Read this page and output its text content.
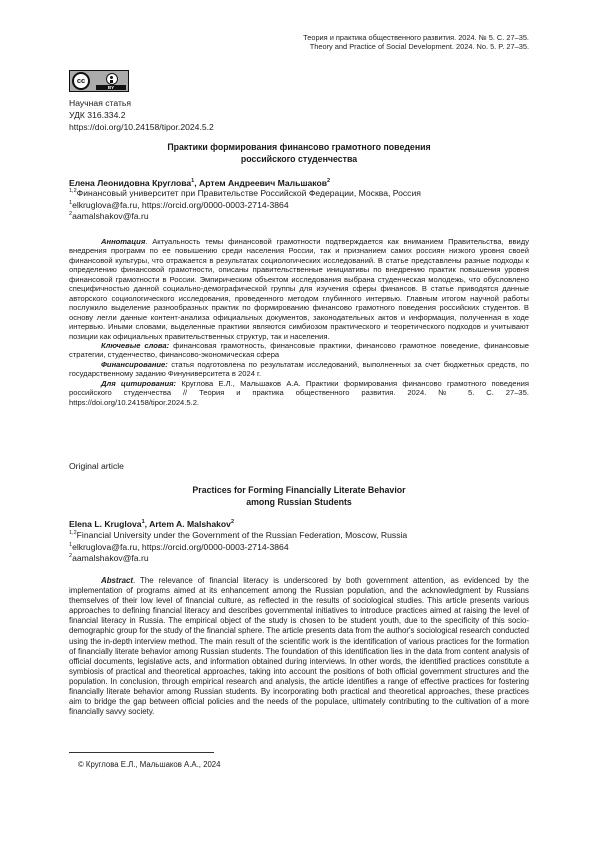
Теория и практика общественного развития. 2024. № 5. С. 27–35.
Theory and Practice of Social Development. 2024. No. 5. P. 27–35.
cc
BY
Научная статья
УДК 316.334.2
https://doi.org/10.24158/tipor.2024.5.2
Практики формирования финансово грамотного поведения
российского студенчества
Елена Леонидовна Круглова$^1$, Артем Андреевич Мальшаков$^2$
$^{1,2}$Финансовый университет при Правительстве Российской Федерации, Москва, Россия
$^1$elkruglova@fa.ru, https://orcid.org/0000-0003-2714-3864
$^2$aamalshakov@fa.ru

Аннотация. Актуальность темы финансовой грамотности подтверждается как вниманием Правительства, ввиду внедрения программ по ее повышению среди населения России, так и признанием самих россиян низкого уровня своей финансовой культуры, что отражается в результатах социологических исследований. В статье представлены разные подходы к определению финансовой грамотности, описаны правительственные инициативы по внедрению практик повышения уровня финансовой грамотности в России. Эмпирическим объектом исследования выбрана студенческая молодежь, что обусловлено специфичностью данной социально-демографической группы для изучения сферы финансов. В статье приводятся данные авторского социологического исследования, проведенного методом глубинного интервью. Главным итогом научной работы послужило выделение разнообразных практик по формированию финансово грамотного поведения российских студентов. В основу легли данные контент-анализа официальных документов, законодательных актов и информация, полученная в ходе интервью. Иными словами, выделенные практики являются симбиозом практического и теоретического подходов и учитывают позиции как официальных правительственных структур, так и населения.

Ключевые слова: финансовая грамотность, финансовые практики, финансово грамотное поведение, финансовые стратегии, студенчество, финансово-экономическая сфера

Финансирование: статья подготовлена по результатам исследований, выполненных за счет бюджетных средств, по государственному заданию Финуниверситета в 2024 г.

Для цитирования: Круглова Е.Л., Мальшаков А.А. Практики формирования финансово грамотного поведения российского студенчества // Теория и практика общественного развития. 2024. № 5. С. 27–35. https://doi.org/10.24158/tipor.2024.5.2.

Original article
Practices for Forming Financially Literate Behavior
among Russian Students
Elena L. Kruglova$^1$, Artem A. Malshakov$^2$
$^{1,2}$Financial University under the Government of the Russian Federation, Moscow, Russia
$^1$elkruglova@fa.ru, https://orcid.org/0000-0003-2714-3864
$^2$aamalshakov@fa.ru

Abstract. The relevance of financial literacy is underscored by both government attention, as evidenced by the implementation of programs aimed at its enhancement among the Russian population, and the acknowledgment by Russians themselves of their low level of financial culture, as reflected in the results of sociological studies. This article presents various approaches to defining financial literacy and describes governmental initiatives to introduce practices aimed at raising the level of financial literacy in Russia. The empirical object of the study is chosen to be student youth, due to the specificity of this socio-demographic group for the study of the financial sphere. The article presents data from the author's sociological research conducted using the in-depth interview method. The main result of the scientific work is the identification of various practices for the formation of financially literate behavior among Russian students. The foundation of this identification lies in the data from content analysis of official documents, legislative acts, and information obtained during interviews. In other words, the identified practices constitute a symbiosis of practical and theoretical approaches, taking into account the positions of both official government structures and the population. In conclusion, through empirical research and analysis, the article identifies a range of effective practices for fostering financially literate behavior among Russian students. By incorporating both practical and theoretical approaches, these practices aim to bridge the gap between official policies and the needs of the populace, ultimately contributing to the cultivation of a more financially savvy society.

© Круглова Е.Л., Мальшаков А.А., 2024
